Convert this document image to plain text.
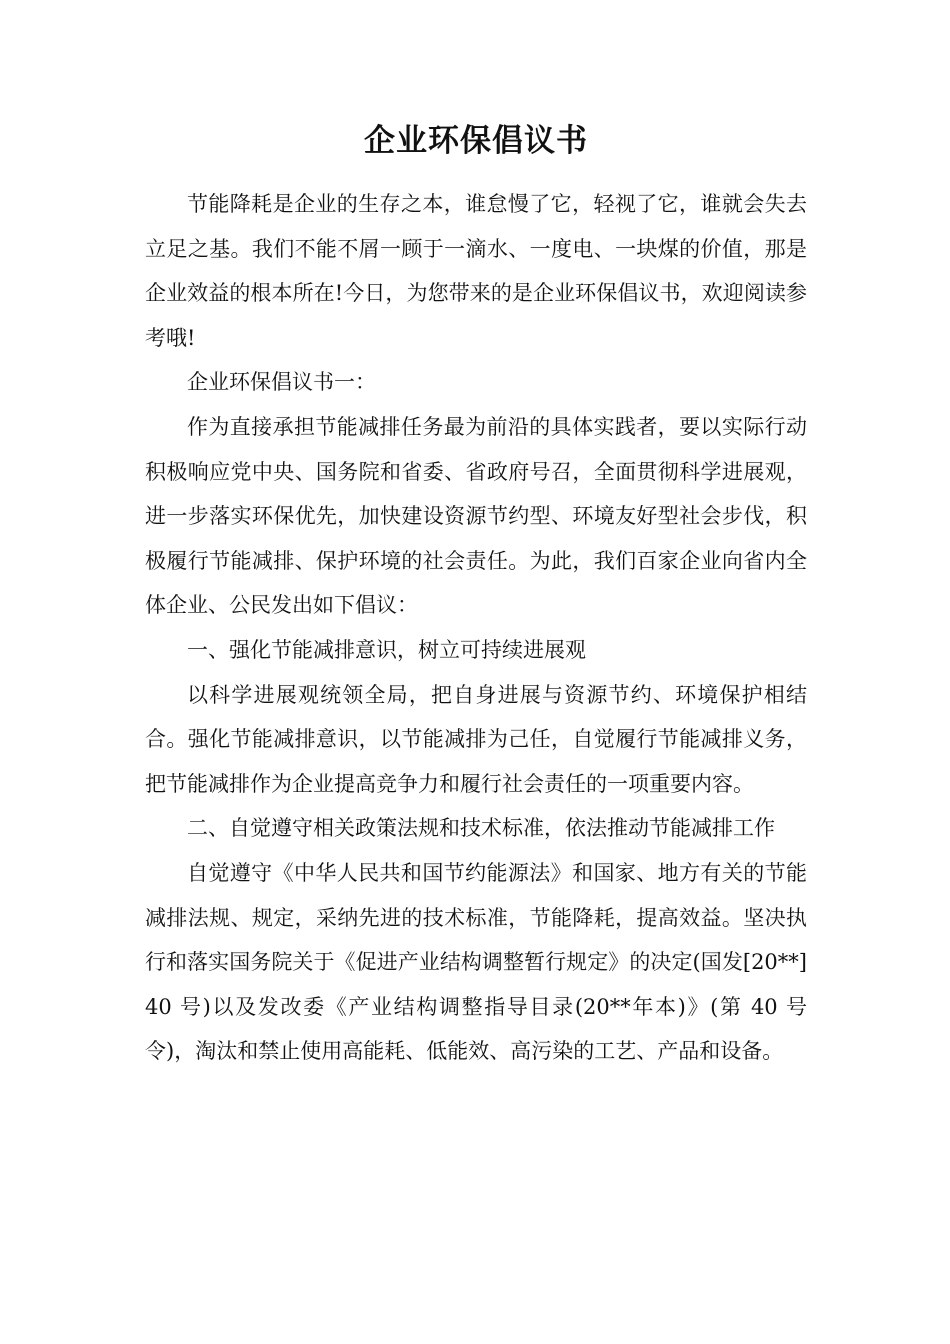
企业环保倡议书

节能降耗是企业的生存之本，谁怠慢了它，轻视了它，谁就会失去立足之基。我们不能不屑一顾于一滴水、一度电、一块煤的价值，那是企业效益的根本所在!今日，为您带来的是企业环保倡议书，欢迎阅读参考哦!

企业环保倡议书一：

作为直接承担节能减排任务最为前沿的具体实践者，要以实际行动积极响应党中央、国务院和省委、省政府号召，全面贯彻科学进展观，进一步落实环保优先，加快建设资源节约型、环境友好型社会步伐，积极履行节能减排、保护环境的社会责任。为此，我们百家企业向省内全体企业、公民发出如下倡议：

一、强化节能减排意识，树立可持续进展观

以科学进展观统领全局，把自身进展与资源节约、环境保护相结合。强化节能减排意识，以节能减排为己任，自觉履行节能减排义务，把节能减排作为企业提高竞争力和履行社会责任的一项重要内容。

二、自觉遵守相关政策法规和技术标准，依法推动节能减排工作

自觉遵守《中华人民共和国节约能源法》和国家、地方有关的节能减排法规、规定，采纳先进的技术标准，节能降耗，提高效益。坚决执行和落实国务院关于《促进产业结构调整暂行规定》的决定(国发[20**]40 号)以及发改委《产业结构调整指导目录(20**年本)》(第 40 号令)，淘汰和禁止使用高能耗、低能效、高污染的工艺、产品和设备。
